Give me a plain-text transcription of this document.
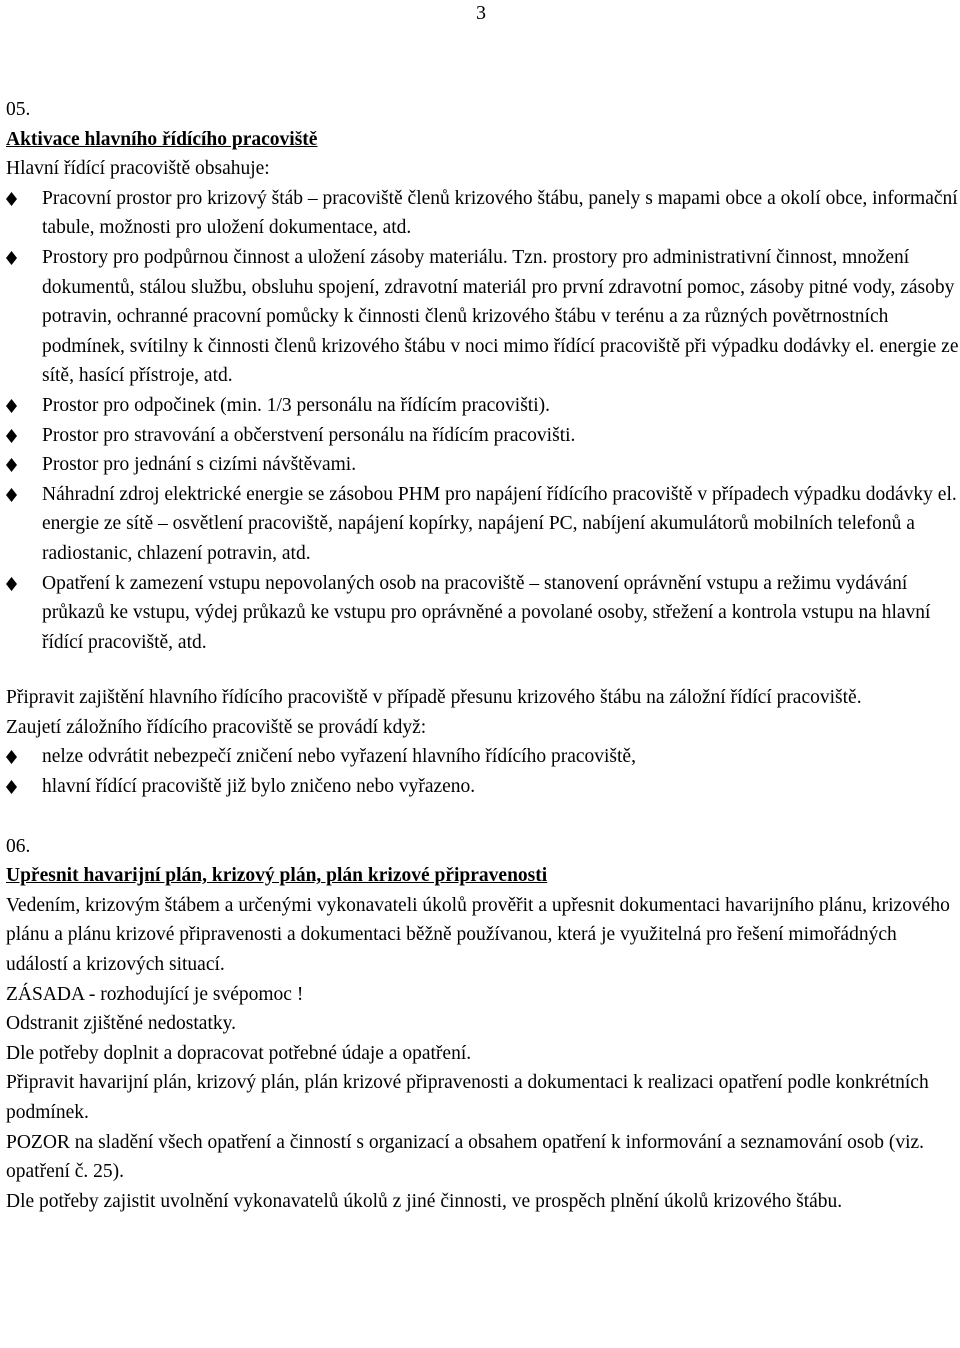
3
05.
Aktivace hlavního řídícího pracoviště
Hlavní řídící pracoviště obsahuje:
Pracovní prostor pro krizový štáb – pracoviště členů krizového štábu, panely s mapami obce a okolí obce, informační tabule, možnosti pro uložení dokumentace, atd.
Prostory pro podpůrnou činnost a uložení zásoby materiálu. Tzn. prostory pro administrativní činnost, množení dokumentů, stálou službu, obsluhu spojení, zdravotní materiál pro první zdravotní pomoc, zásoby pitné vody, zásoby potravin, ochranné pracovní pomůcky k činnosti členů krizového štábu v terénu a za různých povětrnostních podmínek, svítilny k činnosti členů krizového štábu v noci mimo řídící pracoviště při výpadku dodávky el. energie ze sítě, hasící přístroje, atd.
Prostor pro odpočinek (min. 1/3 personálu na řídícím pracovišti).
Prostor pro stravování a občerstvení personálu na řídícím pracovišti.
Prostor pro jednání s cizími návštěvami.
Náhradní zdroj elektrické energie se zásobou PHM pro napájení řídícího pracoviště v případech výpadku dodávky el. energie ze sítě – osvětlení pracoviště, napájení kopírky, napájení PC, nabíjení akumulátorů mobilních telefonů a radiostanic, chlazení potravin, atd.
Opatření k zamezení vstupu nepovolaných osob na pracoviště – stanovení oprávnění vstupu a režimu vydávání průkazů ke vstupu, výdej průkazů ke vstupu pro oprávněné a povolané osoby, střežení a kontrola vstupu na hlavní řídící pracoviště, atd.
Připravit zajištění hlavního řídícího pracoviště v případě přesunu krizového štábu na záložní řídící pracoviště.
Zaujetí záložního řídícího pracoviště se provádí když:
nelze odvrátit nebezpečí zničení nebo vyřazení hlavního řídícího pracoviště,
hlavní řídící pracoviště již bylo zničeno nebo vyřazeno.
06.
Upřesnit havarijní plán, krizový plán, plán krizové připravenosti
Vedením, krizovým štábem a určenými vykonavateli úkolů prověřit a upřesnit dokumentaci havarijního plánu, krizového plánu a plánu krizové připravenosti a dokumentaci běžně používanou, která je využitelná pro řešení mimořádných událostí a krizových situací.
ZÁSADA - rozhodující je svépomoc !
Odstranit zjištěné nedostatky.
Dle potřeby doplnit a dopracovat potřebné údaje a opatření.
Připravit havarijní plán, krizový plán, plán krizové připravenosti a dokumentaci k realizaci opatření podle konkrétních podmínek.
POZOR na sladění všech opatření a činností s organizací a obsahem opatření k informování a seznamování osob (viz. opatření č. 25).
Dle potřeby zajistit uvolnění vykonavatelů úkolů z jiné činnosti, ve prospěch plnění úkolů krizového štábu.
